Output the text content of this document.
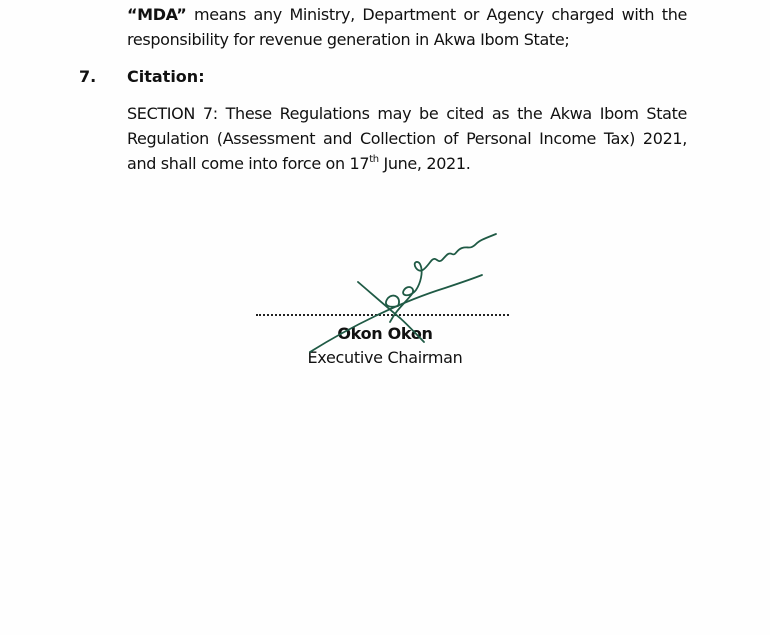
“MDA” means any Ministry, Department or Agency charged with the
responsibility for revenue generation in Akwa Ibom State;

7. Citation:

SECTION 7: These Regulations may be cited as the Akwa Ibom State
Regulation (Assessment and Collection of Personal Income Tax) 2021,
and shall come into force on 17th June, 2021.

Okon Okon

Executive Chairman
